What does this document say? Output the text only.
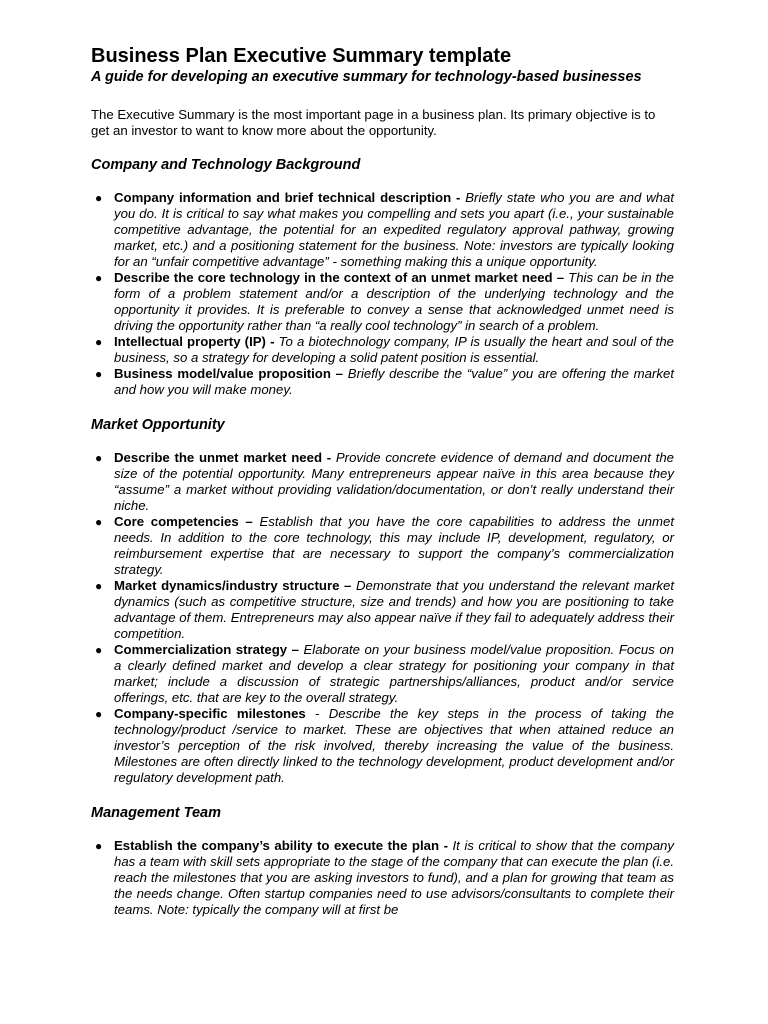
Business Plan Executive Summary template
A guide for developing an executive summary for technology-based businesses

The Executive Summary is the most important page in a business plan. Its primary objective is to get an investor to want to know more about the opportunity.

Company and Technology Background
● Company information and brief technical description - Briefly state who you are and what you do. It is critical to say what makes you compelling and sets you apart (i.e., your sustainable competitive advantage, the potential for an expedited regulatory approval pathway, growing market, etc.) and a positioning statement for the business. Note: investors are typically looking for an “unfair competitive advantage” - something making this a unique opportunity.
● Describe the core technology in the context of an unmet market need – This can be in the form of a problem statement and/or a description of the underlying technology and the opportunity it provides. It is preferable to convey a sense that acknowledged unmet need is driving the opportunity rather than “a really cool technology” in search of a problem.
● Intellectual property (IP) - To a biotechnology company, IP is usually the heart and soul of the business, so a strategy for developing a solid patent position is essential.
● Business model/value proposition – Briefly describe the “value” you are offering the market and how you will make money.
Market Opportunity
● Describe the unmet market need - Provide concrete evidence of demand and document the size of the potential opportunity. Many entrepreneurs appear naïve in this area because they “assume” a market without providing validation/documentation, or don’t really understand their niche.
● Core competencies – Establish that you have the core capabilities to address the unmet needs. In addition to the core technology, this may include IP, development, regulatory, or reimbursement expertise that are necessary to support the company’s commercialization strategy.
● Market dynamics/industry structure – Demonstrate that you understand the relevant market dynamics (such as competitive structure, size and trends) and how you are positioning to take advantage of them. Entrepreneurs may also appear naïve if they fail to adequately address their competition.
● Commercialization strategy – Elaborate on your business model/value proposition. Focus on a clearly defined market and develop a clear strategy for positioning your company in that market; include a discussion of strategic partnerships/alliances, product and/or service offerings, etc. that are key to the overall strategy.
● Company-specific milestones - Describe the key steps in the process of taking the technology/product /service to market. These are objectives that when attained reduce an investor’s perception of the risk involved, thereby increasing the value of the business. Milestones are often directly linked to the technology development, product development and/or regulatory development path.
Management Team
● Establish the company’s ability to execute the plan - It is critical to show that the company has a team with skill sets appropriate to the stage of the company that can execute the plan (i.e. reach the milestones that you are asking investors to fund), and a plan for growing that team as the needs change. Often startup companies need to use advisors/consultants to complete their teams. Note: typically the company will at first be
